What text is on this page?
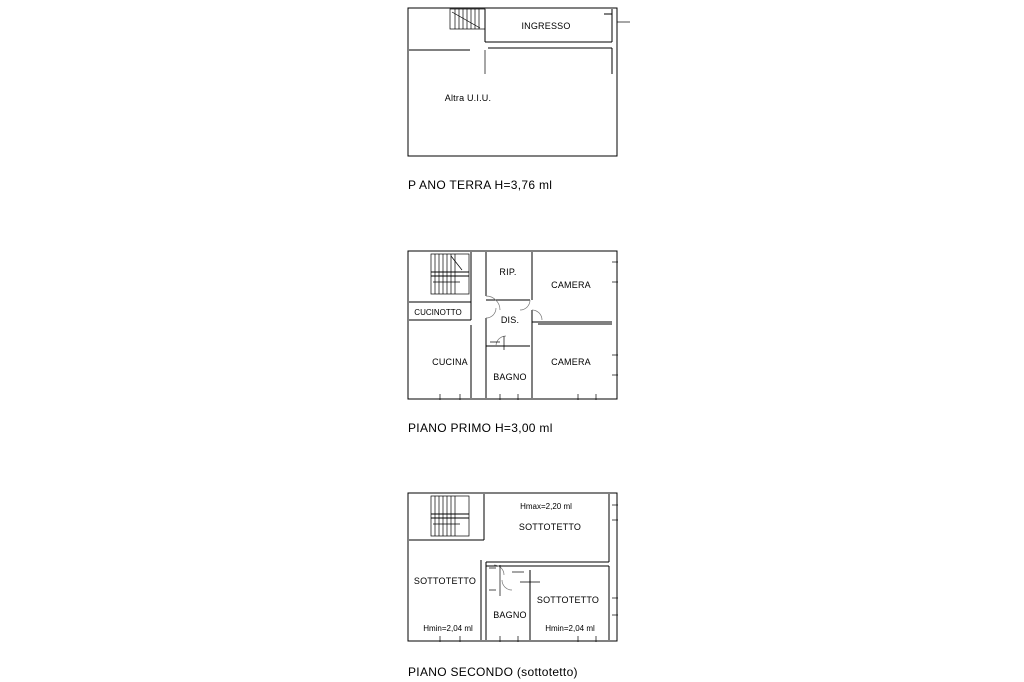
INGRESSO
Altra U.I.U.
P ANO TERRA H=3,76 ml
RIP.
CAMERA
CUCINOTTO
DIS.
CUCINA	CAMERA
BAGNO
PIANO PRIMO H=3,00 ml
Hmax=2,20 ml
SOTTOTETTO
SOTTOTETTO
SOTTOTETTO
BAGNO
Hmin=2,04 ml	Hmin=2,04 ml
PIANO SECONDO (sottotetto)
